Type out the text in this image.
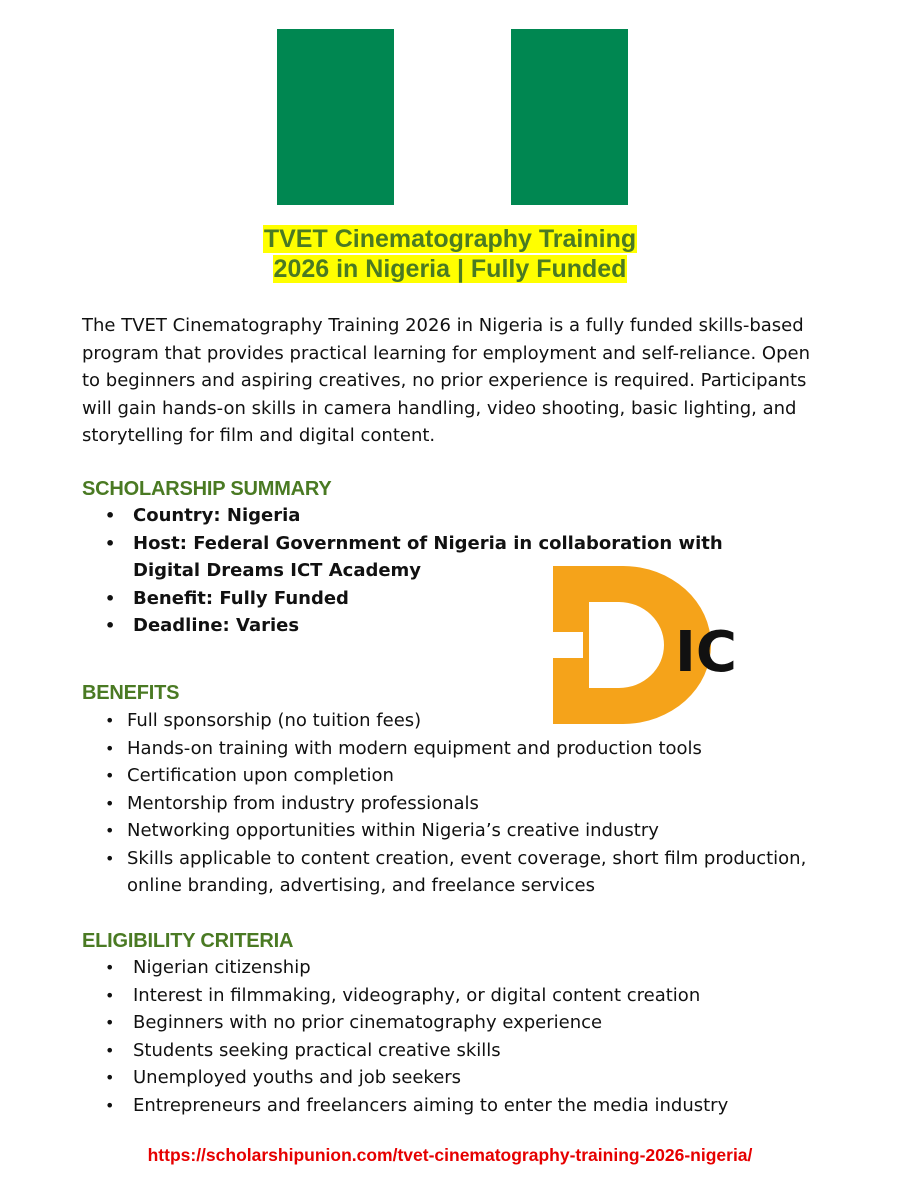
TVET Cinematography Training
2026 in Nigeria | Fully Funded
The TVET Cinematography Training 2026 in Nigeria is a fully funded skills-based program that provides practical learning for employment and self-reliance. Open to beginners and aspiring creatives, no prior experience is required. Participants will gain hands-on skills in camera handling, video shooting, basic lighting, and storytelling for film and digital content.
SCHOLARSHIP SUMMARY
• Country: Nigeria
• Host: Federal Government of Nigeria in collaboration with Digital Dreams ICT Academy
• Benefit: Fully Funded
• Deadline: Varies	IC
BENEFITS
• Full sponsorship (no tuition fees)
• Hands-on training with modern equipment and production tools
• Certification upon completion
• Mentorship from industry professionals
• Networking opportunities within Nigeria’s creative industry
• Skills applicable to content creation, event coverage, short film production, online branding, advertising, and freelance services
ELIGIBILITY CRITERIA
• Nigerian citizenship
• Interest in filmmaking, videography, or digital content creation
• Beginners with no prior cinematography experience
• Students seeking practical creative skills
• Unemployed youths and job seekers
• Entrepreneurs and freelancers aiming to enter the media industry
https://scholarshipunion.com/tvet-cinematography-training-2026-nigeria/
